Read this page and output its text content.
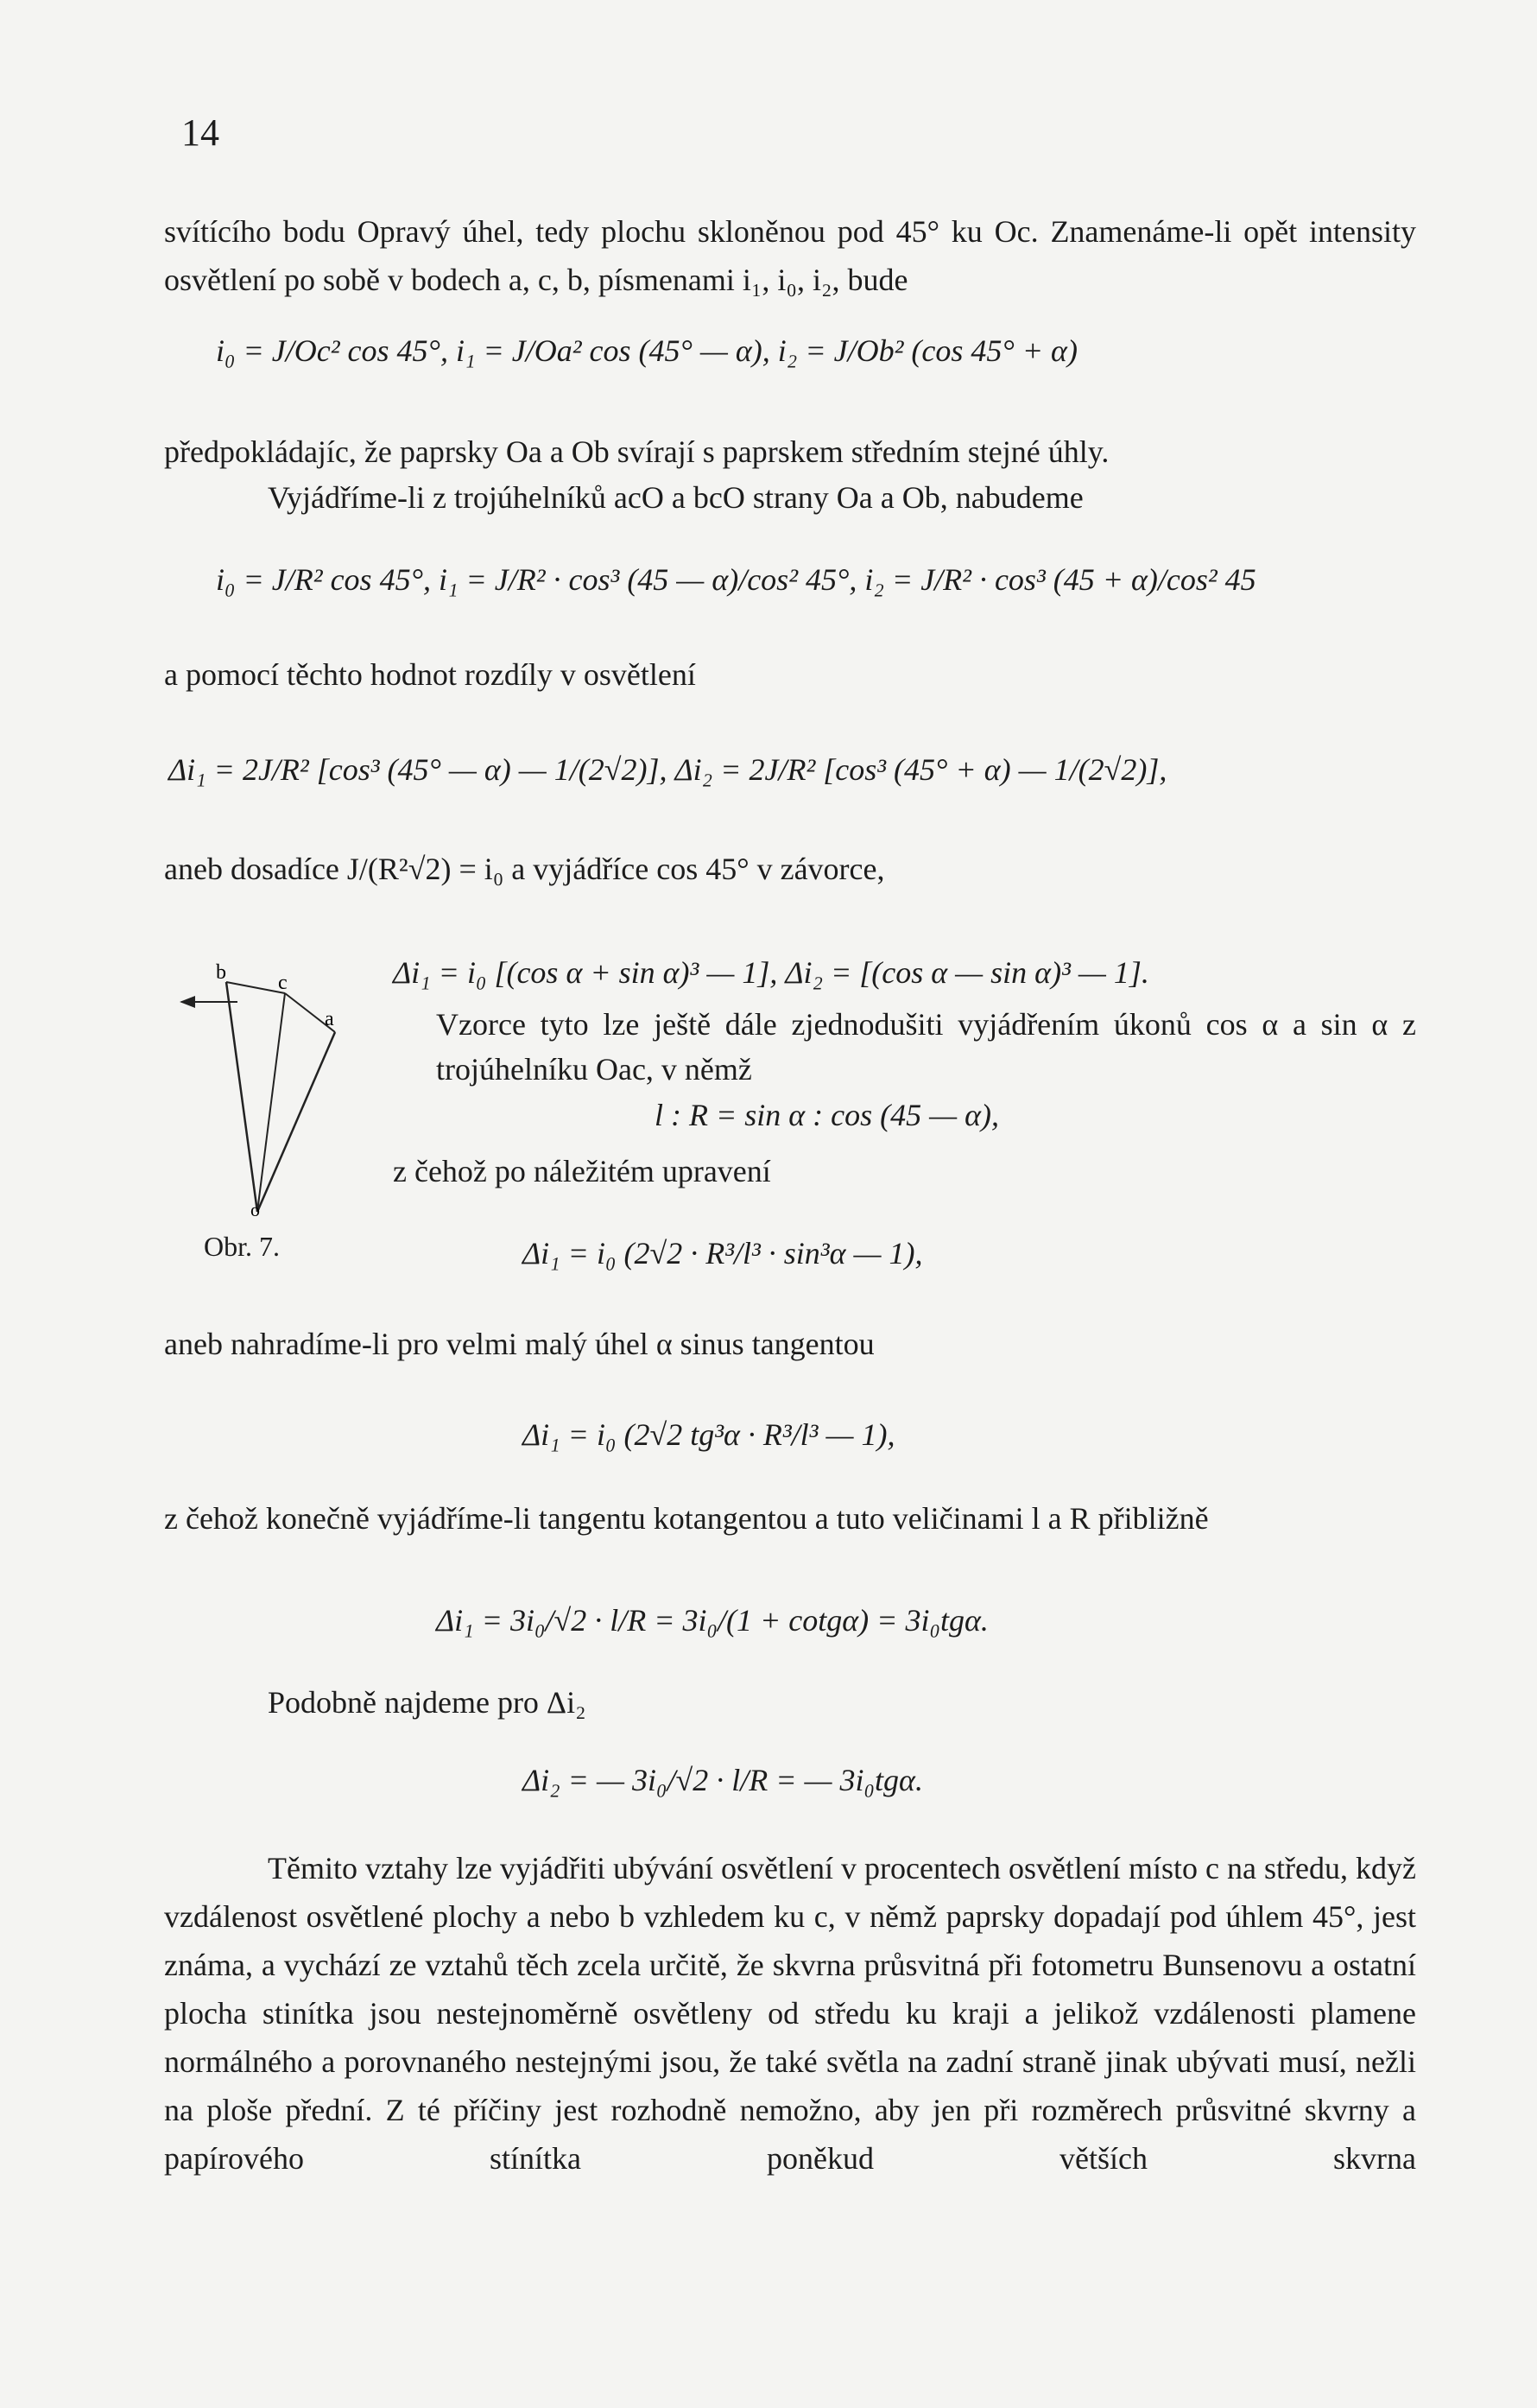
14
svítícího bodu Opravý úhel, tedy plochu skloněnou pod 45° ku Oc. Znamenáme-li opět intensity osvětlení po sobě v bodech a, c, b, písmenami i₁, i₀, i₂, bude
i₀ = J/Oc² cos 45°, i₁ = J/Oa² cos (45° — α), i₂ = J/Ob² (cos 45° + α)
předpokládajíc, že paprsky Oa a Ob svírají s paprskem středním stejné úhly.
Vyjádříme-li z trojúhelníků acO a bcO strany Oa a Ob, nabudeme
i₀ = J/R² cos 45°, i₁ = J/R² · cos³ (45 — α)/cos² 45°, i₂ = J/R² · cos³ (45 + α)/cos² 45
a pomocí těchto hodnot rozdíly v osvětlení
Δi₁ = 2J/R² [cos³ (45° — α) — 1/(2√2)], Δi₂ = 2J/R² [cos³ (45° + α) — 1/(2√2)],
aneb dosadíce J/(R²√2) = i₀ a vyjádříce cos 45° v závorce,
Δi₁ = i₀ [(cos α + sin α)³ — 1], Δi₂ = [(cos α — sin α)³ — 1].
b	c
a
o
Vzorce tyto lze ještě dále zjednodušiti vyjádřením úkonů cos α a sin α z trojúhelníku Oac, v němž
l : R = sin α : cos (45 — α),
z čehož po náležitém upravení
Δi₁ = i₀ (2√2 · R³/l³ · sin³α — 1),
Obr. 7.
aneb nahradíme-li pro velmi malý úhel α sinus tangentou
Δi₁ = i₀ (2√2 tg³α · R³/l³ — 1),
z čehož konečně vyjádříme-li tangentu kotangentou a tuto veličinami l a R přibližně
Δi₁ = 3i₀/√2 · l/R = 3i₀/(1 + cotgα) = 3i₀tgα.
Podobně najdeme pro Δi₂
Δi₂ = — 3i₀/√2 · l/R = — 3i₀tgα.
Těmito vztahy lze vyjádřiti ubývání osvětlení v procentech osvětlení místo c na středu, když vzdálenost osvětlené plochy a nebo b vzhledem ku c, v němž paprsky dopadají pod úhlem 45°, jest známa, a vychází ze vztahů těch zcela určitě, že skvrna průsvitná při fotometru Bunsenovu a ostatní plocha stinítka jsou nestejnoměrně osvětleny od středu ku kraji a jelikož vzdálenosti plamene normálného a porovnaného nestejnými jsou, že také světla na zadní straně jinak ubývati musí, nežli na ploše přední. Z té příčiny jest rozhodně nemožno, aby jen při rozměrech průsvitné skvrny a papírového stínítka poněkud větších skvrna
